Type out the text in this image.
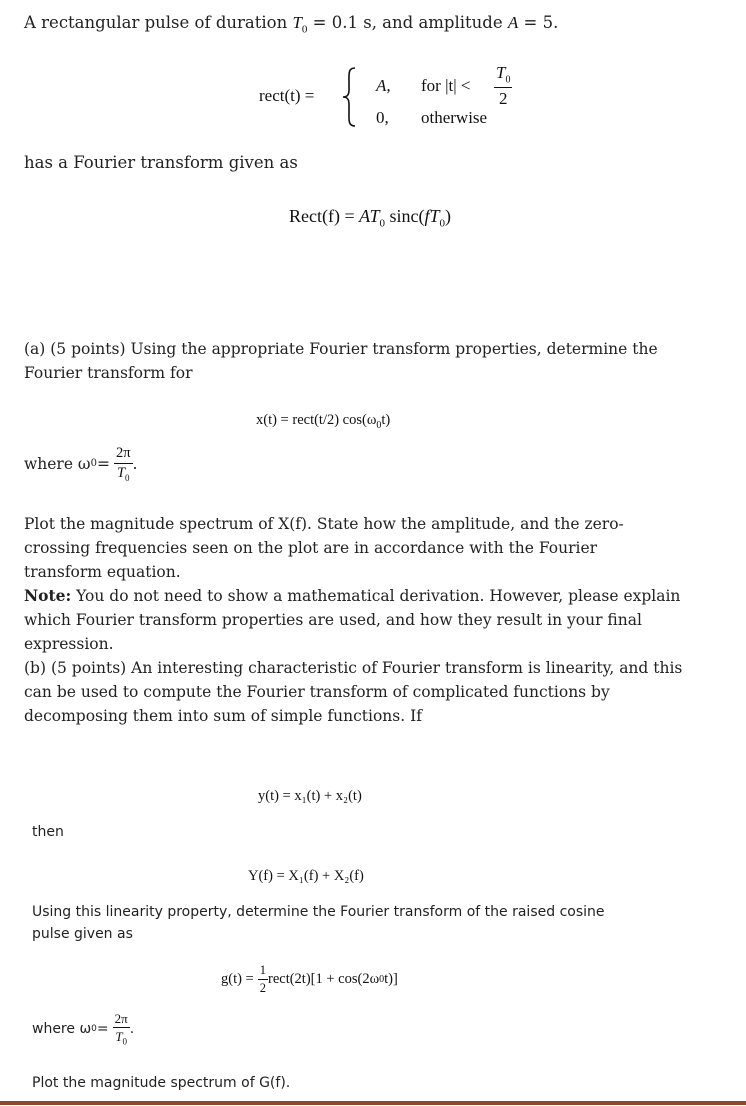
A rectangular pulse of duration $T_0 = 0.1$ s, and amplitude A = 5.
rect(t) =
A, for $|t| < \frac{T_0}{2}$
0, otherwise
has a Fourier transform given as
Rect(f) = $AT_0$ $\sin c(fT_0)$
(a) (5 points) Using the appropriate Fourier transform properties, determine the Fourier transform for
x(t) = rect(t/2) $\cos(\omega_0t)$
where ω $0 = \frac{2\pi}{T_0}$ .
Plot the magnitude spectrum of X(f). State how the amplitude, and the zero-crossing frequencies seen on the plot are in accordance with the Fourier transform equation.
Note: You do not need to show a mathematical derivation. However, please explain which Fourier transform properties are used, and how they result in your final expression.
(b) (5 points) An interesting characteristic of Fourier transform is linearity, and this can be used to compute the Fourier transform of complicated functions by decomposing them into sum of simple functions. If
y(t) = x₁(t) + x₂(t)
then
Y(f) = X₁(f) + X₂(f)
Using this linearity property, determine the Fourier transform of the raised cosine pulse given as
$g(t) = \frac{1}{2}$ rect(2t)[1 + cos(2ω 0 t)]
where ω $0 = \frac{2\pi}{T_0}$ .
Plot the magnitude spectrum of G(f).
